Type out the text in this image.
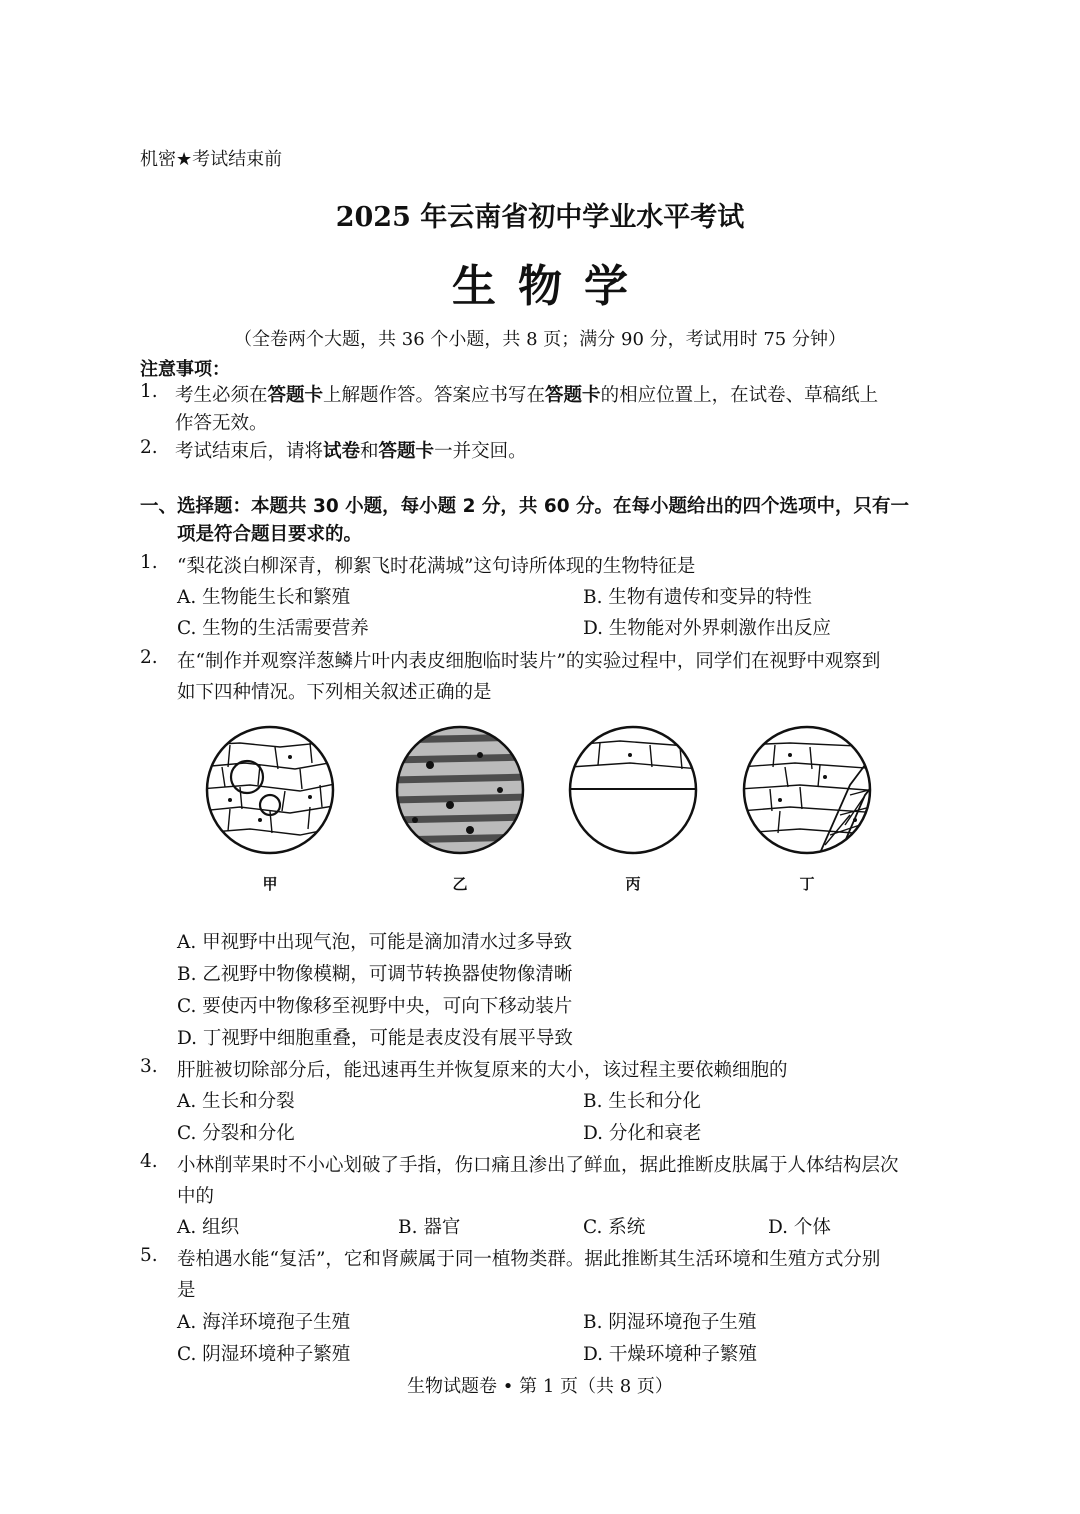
机密★考试结束前
2025 年云南省初中学业水平考试
生物学
（全卷两个大题，共 36 个小题，共 8 页；满分 90 分，考试用时 75 分钟）
注意事项：
1. 考生必须在答题卡上解题作答。答案应书写在答题卡的相应位置上，在试卷、草稿纸上
作答无效。
2. 考试结束后，请将试卷和答题卡一并交回。
一、选择题：本题共 30 小题，每小题 2 分，共 60 分。在每小题给出的四个选项中，只有一
项是符合题目要求的。
1. “梨花淡白柳深青，柳絮飞时花满城”这句诗所体现的生物特征是
A. 生物能生长和繁殖	B. 生物有遗传和变异的特性
C. 生物的生活需要营养	D. 生物能对外界刺激作出反应
2. 在“制作并观察洋葱鳞片叶内表皮细胞临时装片”的实验过程中，同学们在视野中观察到
如下四种情况。下列相关叙述正确的是
甲	乙	丙	丁
A. 甲视野中出现气泡，可能是滴加清水过多导致
B. 乙视野中物像模糊，可调节转换器使物像清晰
C. 要使丙中物像移至视野中央，可向下移动装片
D. 丁视野中细胞重叠，可能是表皮没有展平导致
3. 肝脏被切除部分后，能迅速再生并恢复原来的大小，该过程主要依赖细胞的
A. 生长和分裂	B. 生长和分化
C. 分裂和分化	D. 分化和衰老
4. 小林削苹果时不小心划破了手指，伤口痛且渗出了鲜血，据此推断皮肤属于人体结构层次
中的
A. 组织	B. 器官	C. 系统	D. 个体
5. 卷柏遇水能“复活”，它和肾蕨属于同一植物类群。据此推断其生活环境和生殖方式分别
是
A. 海洋环境孢子生殖	B. 阴湿环境孢子生殖
C. 阴湿环境种子繁殖	D. 干燥环境种子繁殖
生物试题卷 • 第 1 页（共 8 页）
